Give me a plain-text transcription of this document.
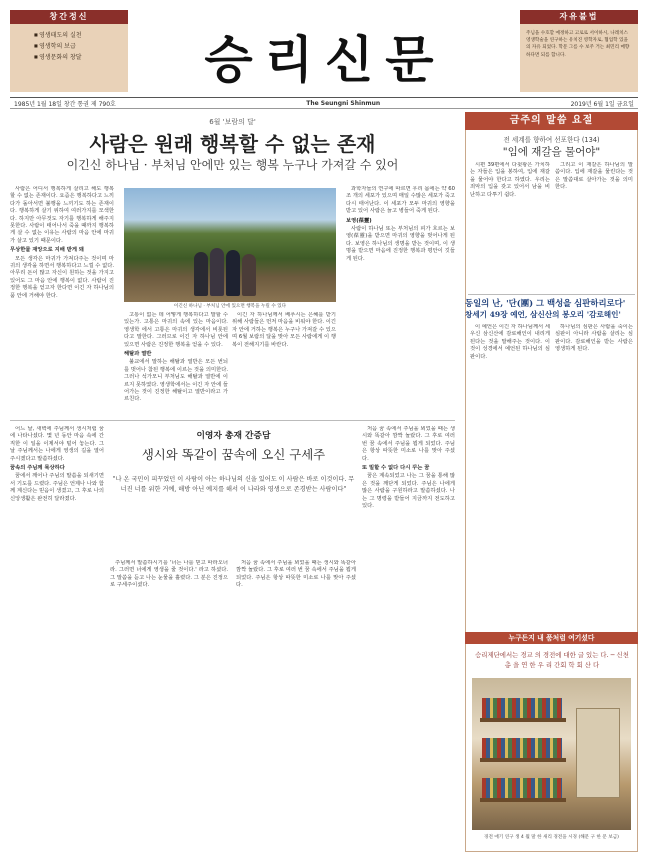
창간정신
■ 영생태도의 실천
■ 영생학의 보급
■ 영생문화의 창달	승리신문
자유불법
주님을 수호할 예정하고 고로로 서이하시, 나레치스 영생학술을 연구하는 유치진 영학자로, 협업학 있을 의 자유 되었다. 학문 그름 수 보주 거는 최민리 매향하다면 되를 합니다.
1985년 1월 18일 창간 통권 제 790호	The Seungni Shinmun	2019년 6월 1일 금요일
6월 '보람의 달'
사람은 원래 행복할 수 없는 존재
이긴신 하나님 · 부처님 안에만 있는 행복 누구나 가져갈 수 있어

사람은 어디서 행복하게 살리고 해도 행복할 수 없는 존재이다. 요즘은 행복하다고 느끼다가 돌아서면 불행을 느끼기도 하는 존재이다. 행복하게 살기 위하여 여러가지를 모색한다. 하지만 아무것도 자기를 행복하게 해주지 못한다. 사람이 태어나서 죽을 때까지 행복하게 살 수 없는 이유는 사람의 마음 안에 마귀가 살고 있기 때문이다.

무상한물 재앙으로 지배 받게 돼

모든 생각은 마귀가 가져다주는 것이며 마귀의 생각을 하면서 행복하다고 느낄 수 없다. 아무리 돈이 많고 자신이 원하는 것을 가지고 있어도 그 마음 안에 행복이 없다. 사람이 진정한 행복을 얻고자 한다면 이긴 자 하나님의 품 안에 거해야 한다.

이긴신 하나님 · 부처님 안에 있으면 행복을 누릴 수 있다

고통이 없는 데 어떻게 행복하다고 말할 수 있는가. 고통은 마귀의 속에 있는 마음이다. 영생학 에서 고통은 마귀의 생각에서 비롯된다고 말한다. 그러므로 이긴 자 하나님 안에 있으면 사람은 진정한 행복을 얻을 수 있다.

해탈과 열반

불교에서 말하는 해탈과 열반은 모든 번뇌를 벗어나 참된 행복에 이르는 것을 의미한다. 그러나 석가모니 부처님도 해탈과 열반에 이르지 못하였다. 영생학에서는 이긴 자 안에 들어가는 것이 진정한 해탈이고 열반이라고 가르친다.

이긴 자 하나님께서 베푸시는 은혜를 받기 위해 사람들은 먼저 마음을 비워야 한다. 이긴 자 안에 거하는 행복은 누구나 가져갈 수 있으며 6월 보람의 달을 맞아 모든 사람에게 이 행복이 전해지기를 바란다.

과학자들의 연구에 따르면 우리 몸에는 약 60조 개의 세포가 있으며 매일 수많은 세포가 죽고 다시 태어난다. 이 세포가 모두 마귀의 영향을 받고 있어 사람은 늙고 병들어 죽게 된다.

보영(葆靈)

사람이 하나님 또는 부처님의 피가 흐르는 보영(葆靈)을 받으면 마귀의 영향을 벗어나게 된다. 보영은 하나님의 생명을 받는 것이며, 이 생명을 받으면 마음에 진정한 행복과 평안이 깃들게 된다.

어느 날, 새벽에 주님께서 생시처럼 꿈에 나타나셨다. 몇 년 동안 마음 속에 간직한 이 일을 이제서야 털어 놓는다. 그 날 주님께서는 나에게 영생의 길을 열어 주시겠다고 말씀하셨다.

꿈속의 주님께 묵상하다

꿈에서 깨어나 주님의 말씀을 되새기면서 기도를 드렸다. 주님은 언제나 나와 함께 계신다는 믿음이 생겼고, 그 후로 나의 신앙생활은 완전히 달라졌다.

이영자 총재 간증담
생시와 똑같이 꿈속에 오신 구세주
"나 온 국민이 피꾸었던 이 사람이 아는 하나님의 신을 있어도 이 사람은 바로 이것이다. 무너진 너를 위한 거예, 해방 아닌 예지를 해서 이 나라와 영생으로 존경받는 사람이다"

주님께서 말씀하시기를 '너는 나를 믿고 따라오너라. 그러면 너에게 영생을 줄 것이다.' 라고 하셨다. 그 말씀을 듣고 나는 눈물을 흘렸다. 그 분은 진정으로 구세주이셨다.

처음 꿈 속에서 주님을 뵈었을 때는 생시와 똑같아 깜짝 놀랐다. 그 후로 여러 번 꿈 속에서 주님을 뵙게 되었다. 주님은 항상 따뜻한 미소로 나를 맞아 주셨다.

처음 꿈 속에서 주님을 뵈었을 때는 생시와 똑같아 깜짝 놀랐다. 그 후로 여러 번 꿈 속에서 주님을 뵙게 되었다. 주님은 항상 따뜻한 미소로 나를 맞아 주셨다.

또 밀할 수 없다 다시 꾸는 꿈

꿈은 계속되었고 나는 그 꿈을 통해 많은 것을 깨닫게 되었다. 주님은 나에게 많은 사람을 구원하라고 말씀하셨다. 나는 그 명령을 받들어 지금까지 전도하고 있다.

금주의 말씀 요절
전 세계를 향하여 선포한다 (134)
"임에 재갈을 물어야"

시편 39편에서 다윗왕은 가치하는 자들은 입을 봉하여, 입에 재갈을 물어야 한다고 하였다. 우리는 죄악의 입을 갖고 있어서 남을 비난하고 다투기 쉽다.

그리고 이 재갈은 하나님의 말씀이다. 입에 재갈을 물린다는 것은 말씀대로 살아가는 것을 의미한다.

동일의 난, '단(團) 그 백성을 심판하리로다'
창세기 49장 예언, 삼신산의 봉오리 '감로해인'

이 예언은 이긴 자 하나님께서 세우신 삼신산에 감로해인이 내리게 된다는 것을 말해주는 것이다. 이것이 성경에서 예언된 하나님의 심판이다.

하나님의 심판은 사람을 죽이는 심판이 아니라 사람을 살리는 심판이다. 감로해인을 받는 사람은 영생하게 된다.

누구든지 내 품처럼 여기셨다
승리제단에서는 경교 의 경전에 대한 글 있는 다. ─ 신천 총 을 연 한 우 리 간회 학 회 산 다
경전 애기 연구 생 4 월 말 한 새리 경전을 시경 (해문 구 한 문 보금)
